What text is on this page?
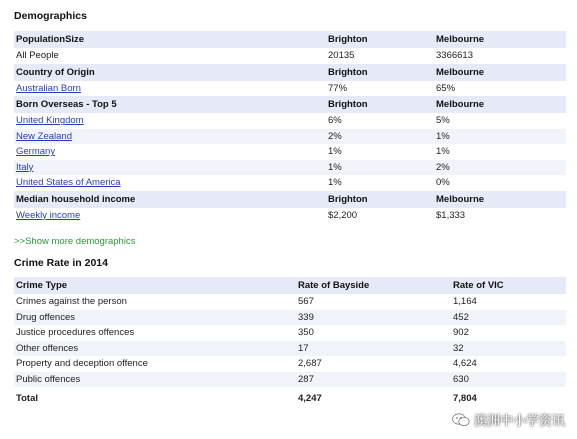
Demographics
PopulationSize	Brighton	Melbourne
All People	20135	3366613
Country of Origin	Brighton	Melbourne
Australian Born	77%	65%
Born Overseas - Top 5	Brighton	Melbourne
United Kingdom	6%	5%
New Zealand	2%	1%
Germany	1%	1%
Italy	1%	2%
United States of America	1%	0%
Median household income	Brighton	Melbourne
Weekly income	$2,200	$1,333
>>Show more demographics
Crime Rate in 2014
Crime Type	Rate of Bayside	Rate of VIC
Crimes against the person	567	1,164
Drug offences	339	452
Justice procedures offences	350	902
Other offences	17	32
Property and deception offence	2,687	4,624
Public offences	287	630
Total	4,247	7,804
澳洲中小学资讯
